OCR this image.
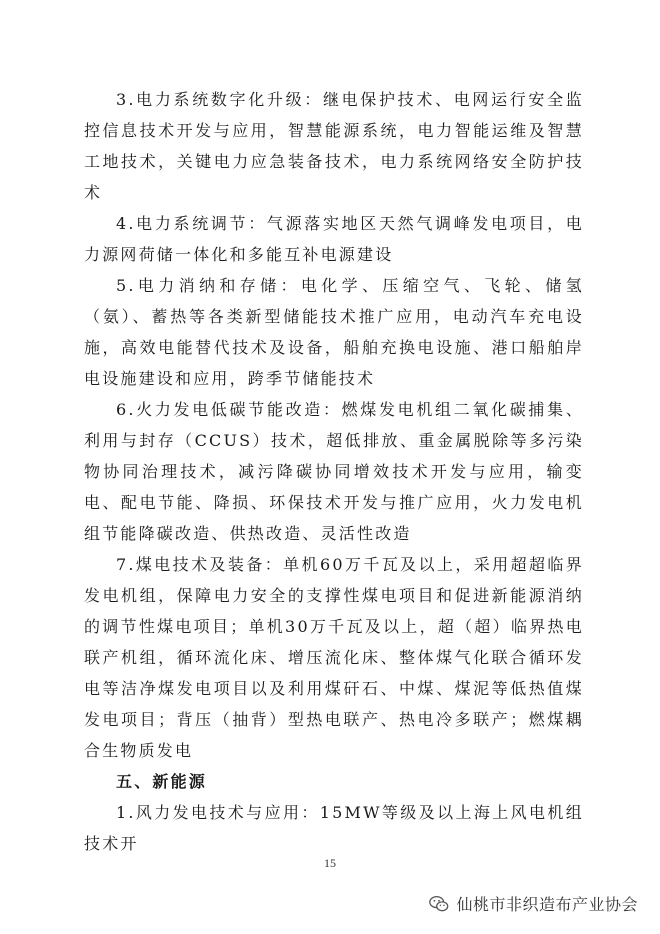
3.电力系统数字化升级：继电保护技术、电网运行安全监控信息技术开发与应用，智慧能源系统，电力智能运维及智慧工地技术，关键电力应急装备技术，电力系统网络安全防护技术

4.电力系统调节：气源落实地区天然气调峰发电项目，电力源网荷储一体化和多能互补电源建设

5.电力消纳和存储：电化学、压缩空气、飞轮、储氢（氨）、蓄热等各类新型储能技术推广应用，电动汽车充电设施，高效电能替代技术及设备，船舶充换电设施、港口船舶岸电设施建设和应用，跨季节储能技术

6.火力发电低碳节能改造：燃煤发电机组二氧化碳捕集、利用与封存（CCUS）技术，超低排放、重金属脱除等多污染物协同治理技术，减污降碳协同增效技术开发与应用，输变电、配电节能、降损、环保技术开发与推广应用，火力发电机组节能降碳改造、供热改造、灵活性改造

7.煤电技术及装备：单机60万千瓦及以上，采用超超临界发电机组，保障电力安全的支撑性煤电项目和促进新能源消纳的调节性煤电项目；单机30万千瓦及以上，超（超）临界热电联产机组，循环流化床、增压流化床、整体煤气化联合循环发电等洁净煤发电项目以及利用煤矸石、中煤、煤泥等低热值煤发电项目；背压（抽背）型热电联产、热电冷多联产；燃煤耦合生物质发电

五、新能源

1.风力发电技术与应用：15MW等级及以上海上风电机组技术开

15
仙桃市非织造布产业协会
